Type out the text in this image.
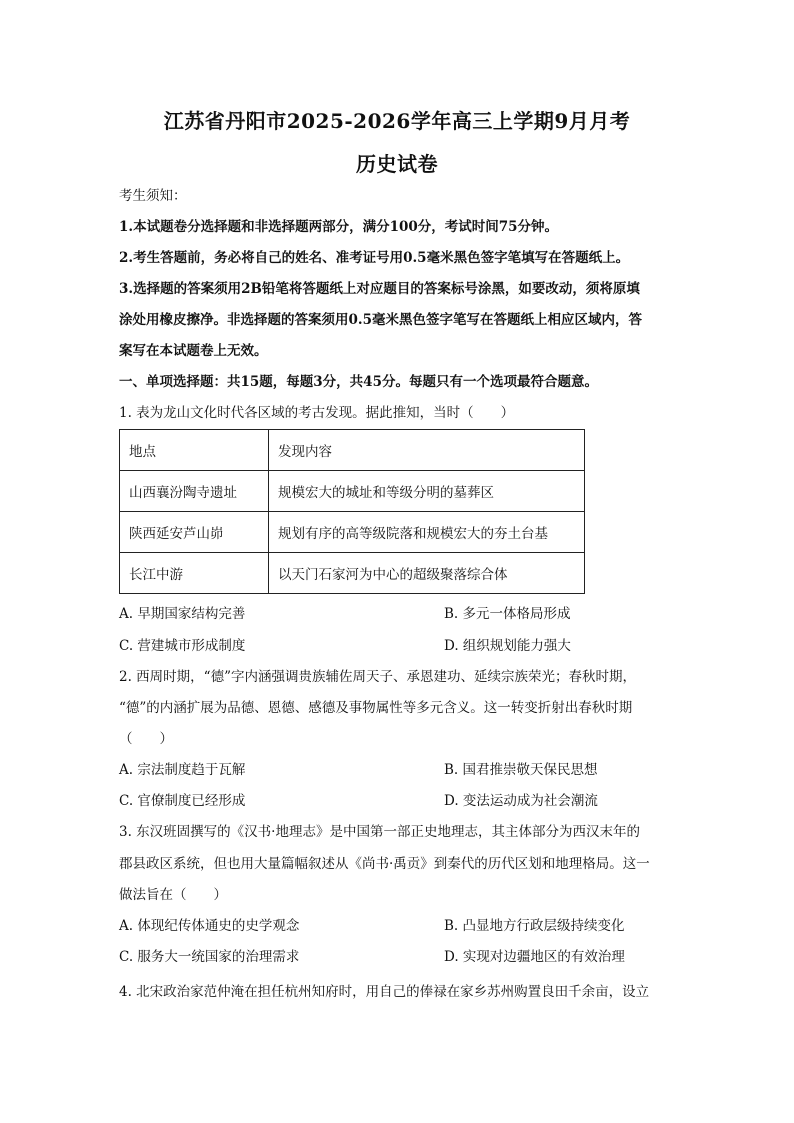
江苏省丹阳市2025-2026学年高三上学期9月月考
历史试卷
考生须知：
1.本试题卷分选择题和非选择题两部分，满分100分，考试时间75分钟。
2.考生答题前，务必将自己的姓名、准考证号用0.5毫米黑色签字笔填写在答题纸上。
3.选择题的答案须用2B铅笔将答题纸上对应题目的答案标号涂黑，如要改动，须将原填
涂处用橡皮擦净。非选择题的答案须用0.5毫米黑色签字笔写在答题纸上相应区域内，答
案写在本试题卷上无效。
一、单项选择题：共15题，每题3分，共45分。每题只有一个选项最符合题意。
1. 表为龙山文化时代各区域的考古发现。据此推知，当时（　　）
地点	发现内容
山西襄汾陶寺遗址	规模宏大的城址和等级分明的墓葬区
陕西延安芦山峁	规划有序的高等级院落和规模宏大的夯土台基
长江中游	以天门石家河为中心的超级聚落综合体
A. 早期国家结构完善	B. 多元一体格局形成
C. 营建城市形成制度	D. 组织规划能力强大
2. 西周时期，“德”字内涵强调贵族辅佐周天子、承恩建功、延续宗族荣光；春秋时期，
“德”的内涵扩展为品德、恩德、感德及事物属性等多元含义。这一转变折射出春秋时期
（　　）
A. 宗法制度趋于瓦解	B. 国君推崇敬天保民思想
C. 官僚制度已经形成	D. 变法运动成为社会潮流
3. 东汉班固撰写的《汉书·地理志》是中国第一部正史地理志，其主体部分为西汉末年的
郡县政区系统，但也用大量篇幅叙述从《尚书·禹贡》到秦代的历代区划和地理格局。这一
做法旨在（　　）
A. 体现纪传体通史的史学观念	B. 凸显地方行政层级持续变化
C. 服务大一统国家的治理需求	D. 实现对边疆地区的有效治理
4. 北宋政治家范仲淹在担任杭州知府时，用自己的俸禄在家乡苏州购置良田千余亩，设立
